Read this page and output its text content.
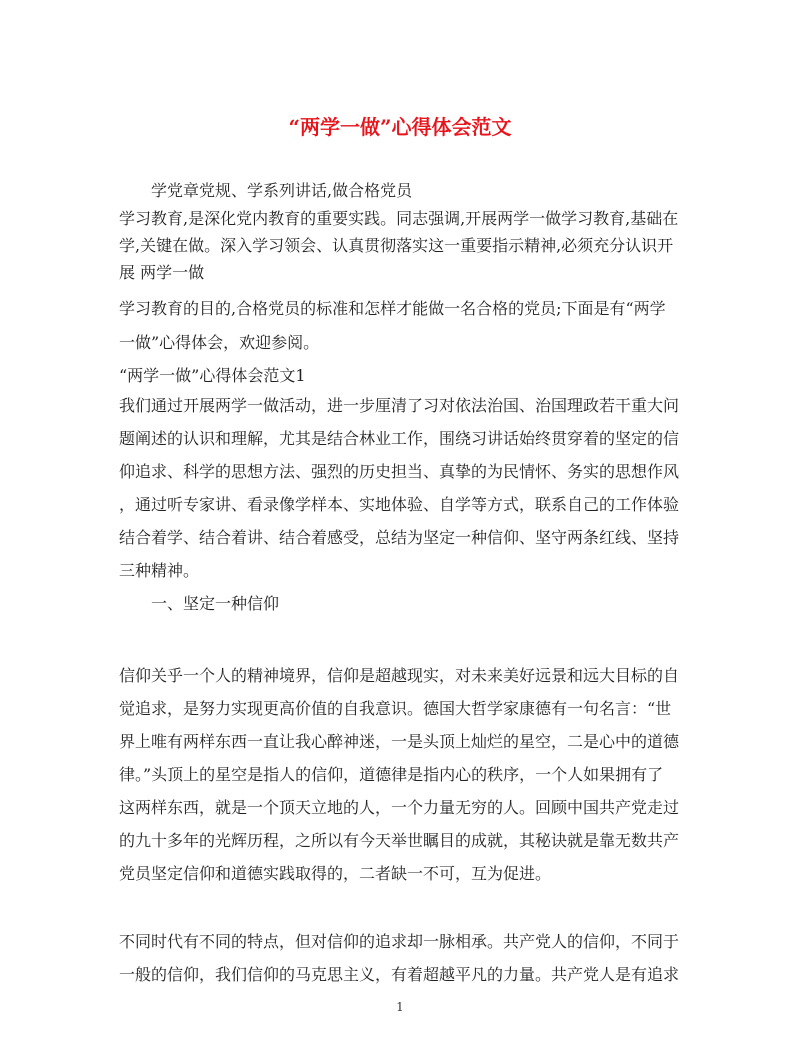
“两学一做”心得体会范文

学党章党规、学系列讲话,做合格党员

学习教育,是深化党内教育的重要实践。同志强调,开展两学一做学习教育,基础在

学,关键在做。深入学习领会、认真贯彻落实这一重要指示精神,必须充分认识开

展 两学一做

学习教育的目的,合格党员的标准和怎样才能做一名合格的党员;下面是有“两学

一做”心得体会，欢迎参阅。

“两学一做”心得体会范文1

我们通过开展两学一做活动，进一步厘清了习对依法治国、治国理政若干重大问

题阐述的认识和理解，尤其是结合林业工作，围绕习讲话始终贯穿着的坚定的信

仰追求、科学的思想方法、强烈的历史担当、真挚的为民情怀、务实的思想作风

，通过听专家讲、看录像学样本、实地体验、自学等方式，联系自己的工作体验

结合着学、结合着讲、结合着感受，总结为坚定一种信仰、坚守两条红线、坚持

三种精神。

一、坚定一种信仰

信仰关乎一个人的精神境界，信仰是超越现实，对未来美好远景和远大目标的自

觉追求，是努力实现更高价值的自我意识。德国大哲学家康德有一句名言：“世

界上唯有两样东西一直让我心醉神迷，一是头顶上灿烂的星空，二是心中的道德

律。”头顶上的星空是指人的信仰，道德律是指内心的秩序，一个人如果拥有了

这两样东西，就是一个顶天立地的人，一个力量无穷的人。回顾中国共产党走过

的九十多年的光辉历程，之所以有今天举世瞩目的成就，其秘诀就是靠无数共产

党员坚定信仰和道德实践取得的，二者缺一不可，互为促进。

不同时代有不同的特点，但对信仰的追求却一脉相承。共产党人的信仰，不同于

一般的信仰，我们信仰的马克思主义，有着超越平凡的力量。共产党人是有追求

1
